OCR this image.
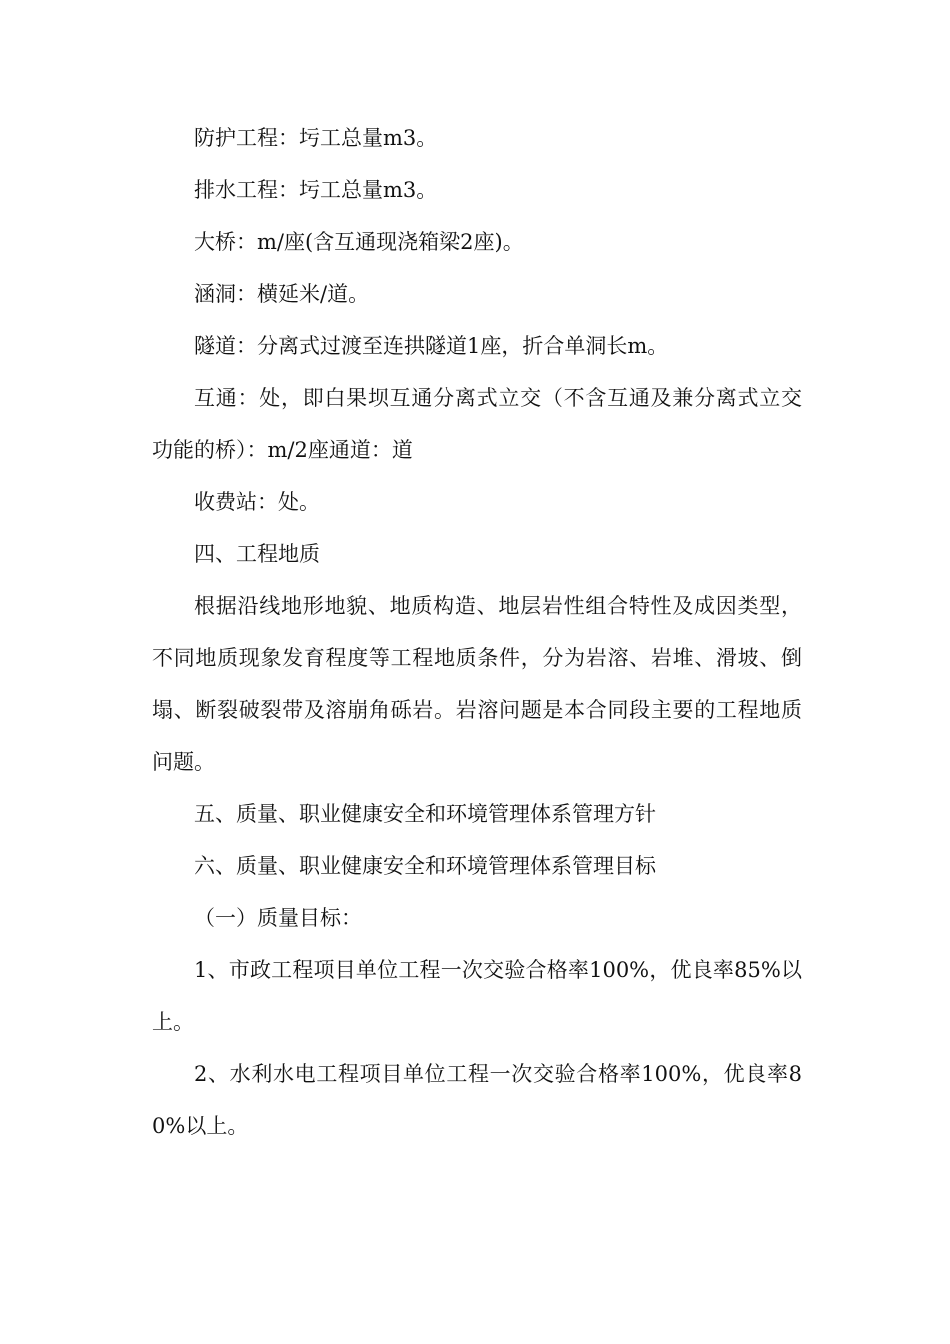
防护工程：圬工总量m3。

排水工程：圬工总量m3。

大桥：m/座(含互通现浇箱梁2座)。

涵洞：横延米/道。

隧道：分离式过渡至连拱隧道1座，折合单洞长m。

互通：处，即白果坝互通分离式立交（不含互通及兼分离式立交功能的桥）：m/2座通道：道

收费站：处。

四、工程地质

根据沿线地形地貌、地质构造、地层岩性组合特性及成因类型，不同地质现象发育程度等工程地质条件，分为岩溶、岩堆、滑坡、倒塌、断裂破裂带及溶崩角砾岩。岩溶问题是本合同段主要的工程地质问题。

五、质量、职业健康安全和环境管理体系管理方针

六、质量、职业健康安全和环境管理体系管理目标

（一）质量目标：

1、市政工程项目单位工程一次交验合格率100%，优良率85%以上。

2、水利水电工程项目单位工程一次交验合格率100%，优良率80%以上。
